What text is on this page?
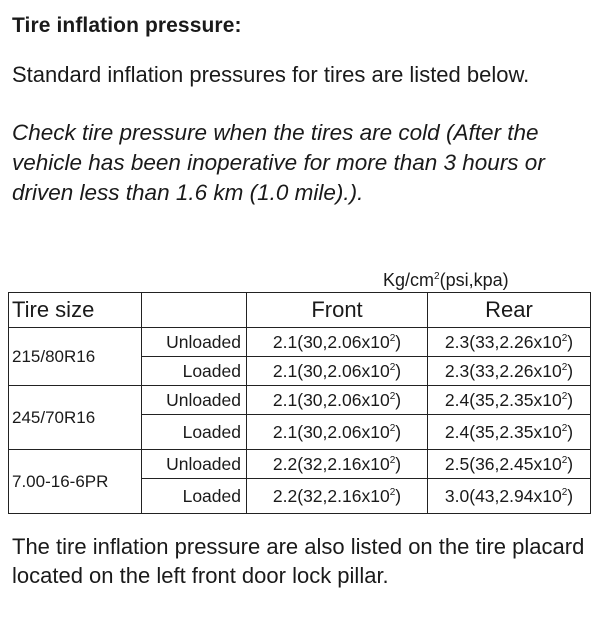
Tire inflation pressure:
Standard inflation pressures for tires are listed below.
Check tire pressure when the tires are cold (After the vehicle has been inoperative for more than 3 hours or driven less than 1.6 km (1.0 mile).).
$Kg/cm^2(psi,kpa)$
Tire size		Front	Rear
215/80R16	Unloaded	$2.1(30,2.06x10^2)$	$2.3(33,2.26x10^2)$
	Loaded	$2.1(30,2.06x10^2)$	$2.3(33,2.26x10^2)$
245/70R16	Unloaded	$2.1(30,2.06x10^2)$	$2.4(35,2.35x10^2)$
	Loaded	$2.1(30,2.06x10^2)$	$2.4(35,2.35x10^2)$
7.00-16-6PR	Unloaded	$2.2(32,2.16x10^2)$	$2.5(36,2.45x10^2)$
	Loaded	$2.2(32,2.16x10^2)$	$3.0(43,2.94x10^2)$
The tire inflation pressure are also listed on the tire placard located on the left front door lock pillar.
